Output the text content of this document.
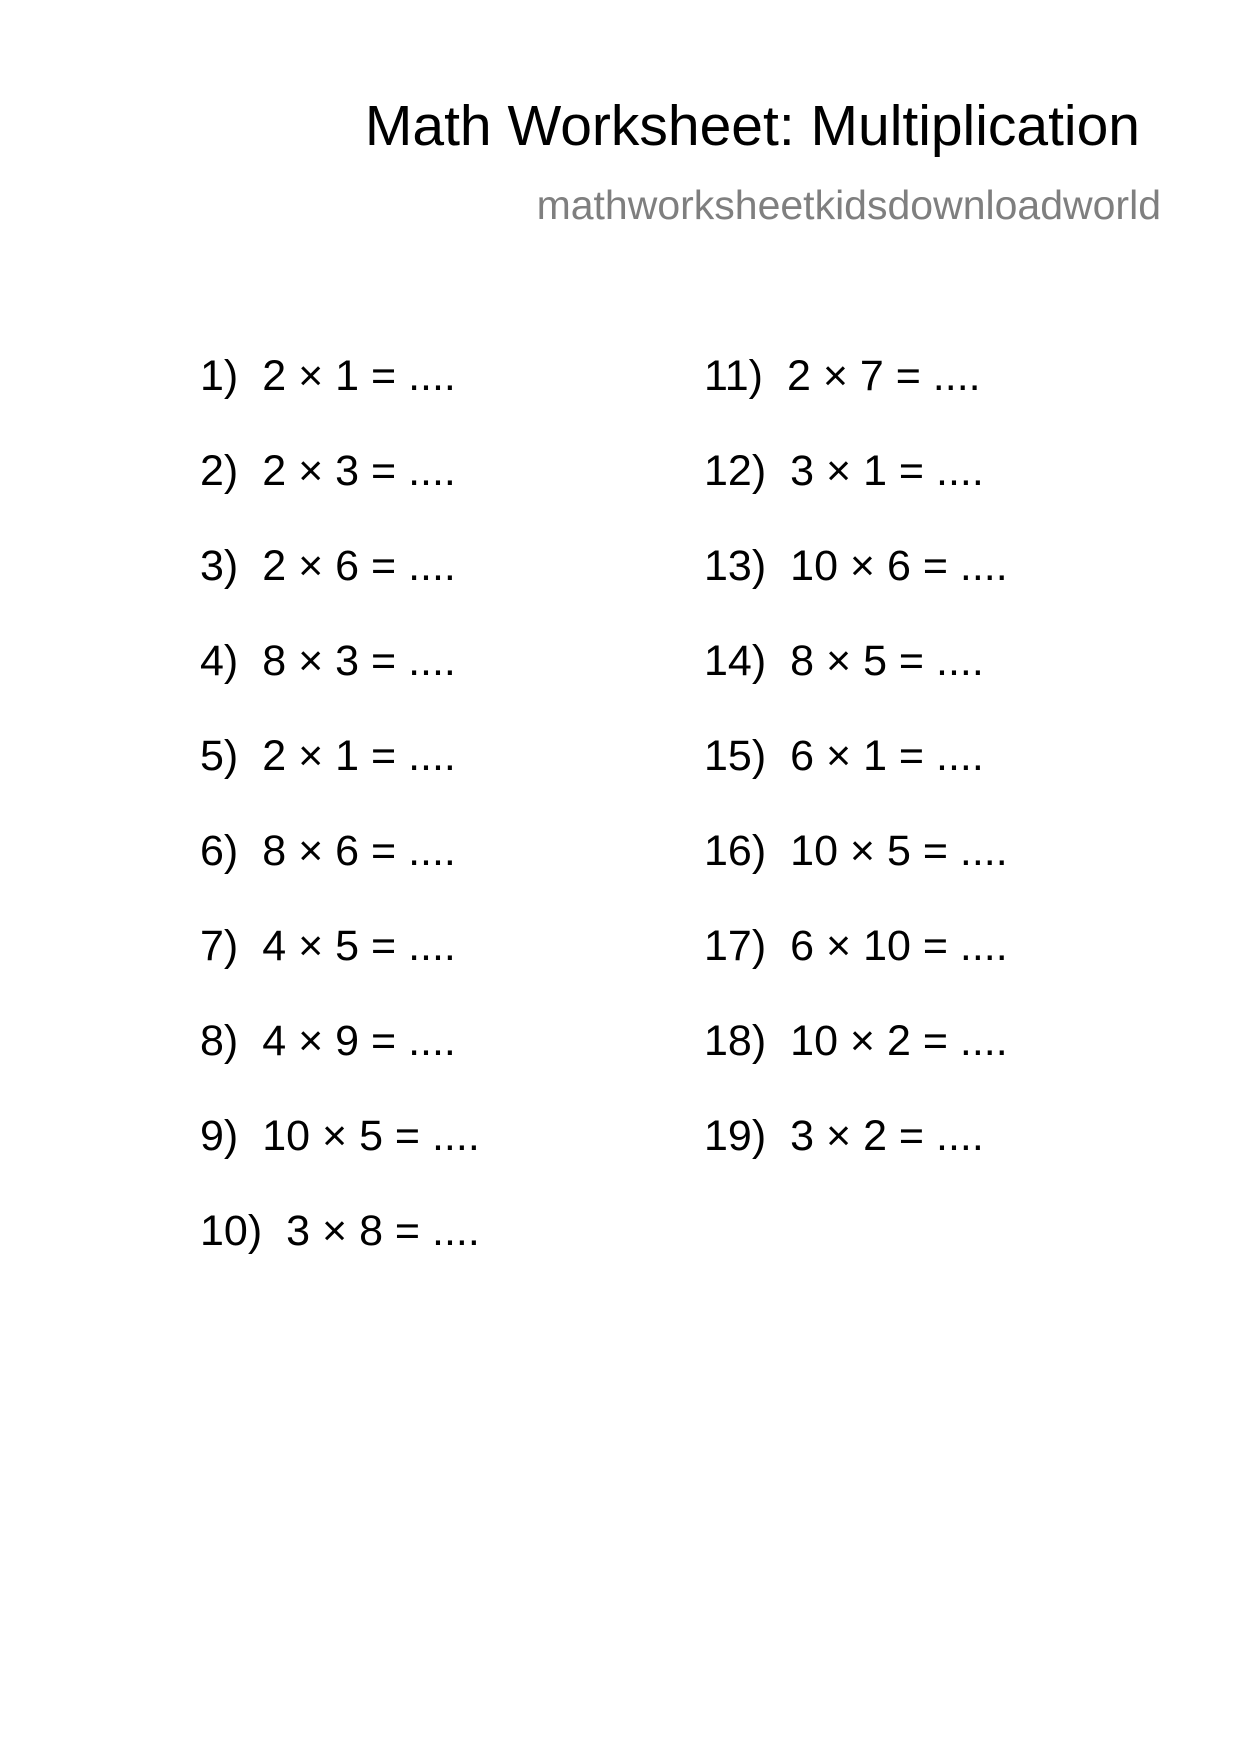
Math Worksheet: Multiplication
mathworksheetkidsdownloadworld
1) 2 × 1 = ....
2) 2 × 3 = ....
3) 2 × 6 = ....
4) 8 × 3 = ....
5) 2 × 1 = ....
6) 8 × 6 = ....
7) 4 × 5 = ....
8) 4 × 9 = ....
9) 10 × 5 = ....
10) 3 × 8 = ....
11) 2 × 7 = ....
12) 3 × 1 = ....
13) 10 × 6 = ....
14) 8 × 5 = ....
15) 6 × 1 = ....
16) 10 × 5 = ....
17) 6 × 10 = ....
18) 10 × 2 = ....
19) 3 × 2 = ....
